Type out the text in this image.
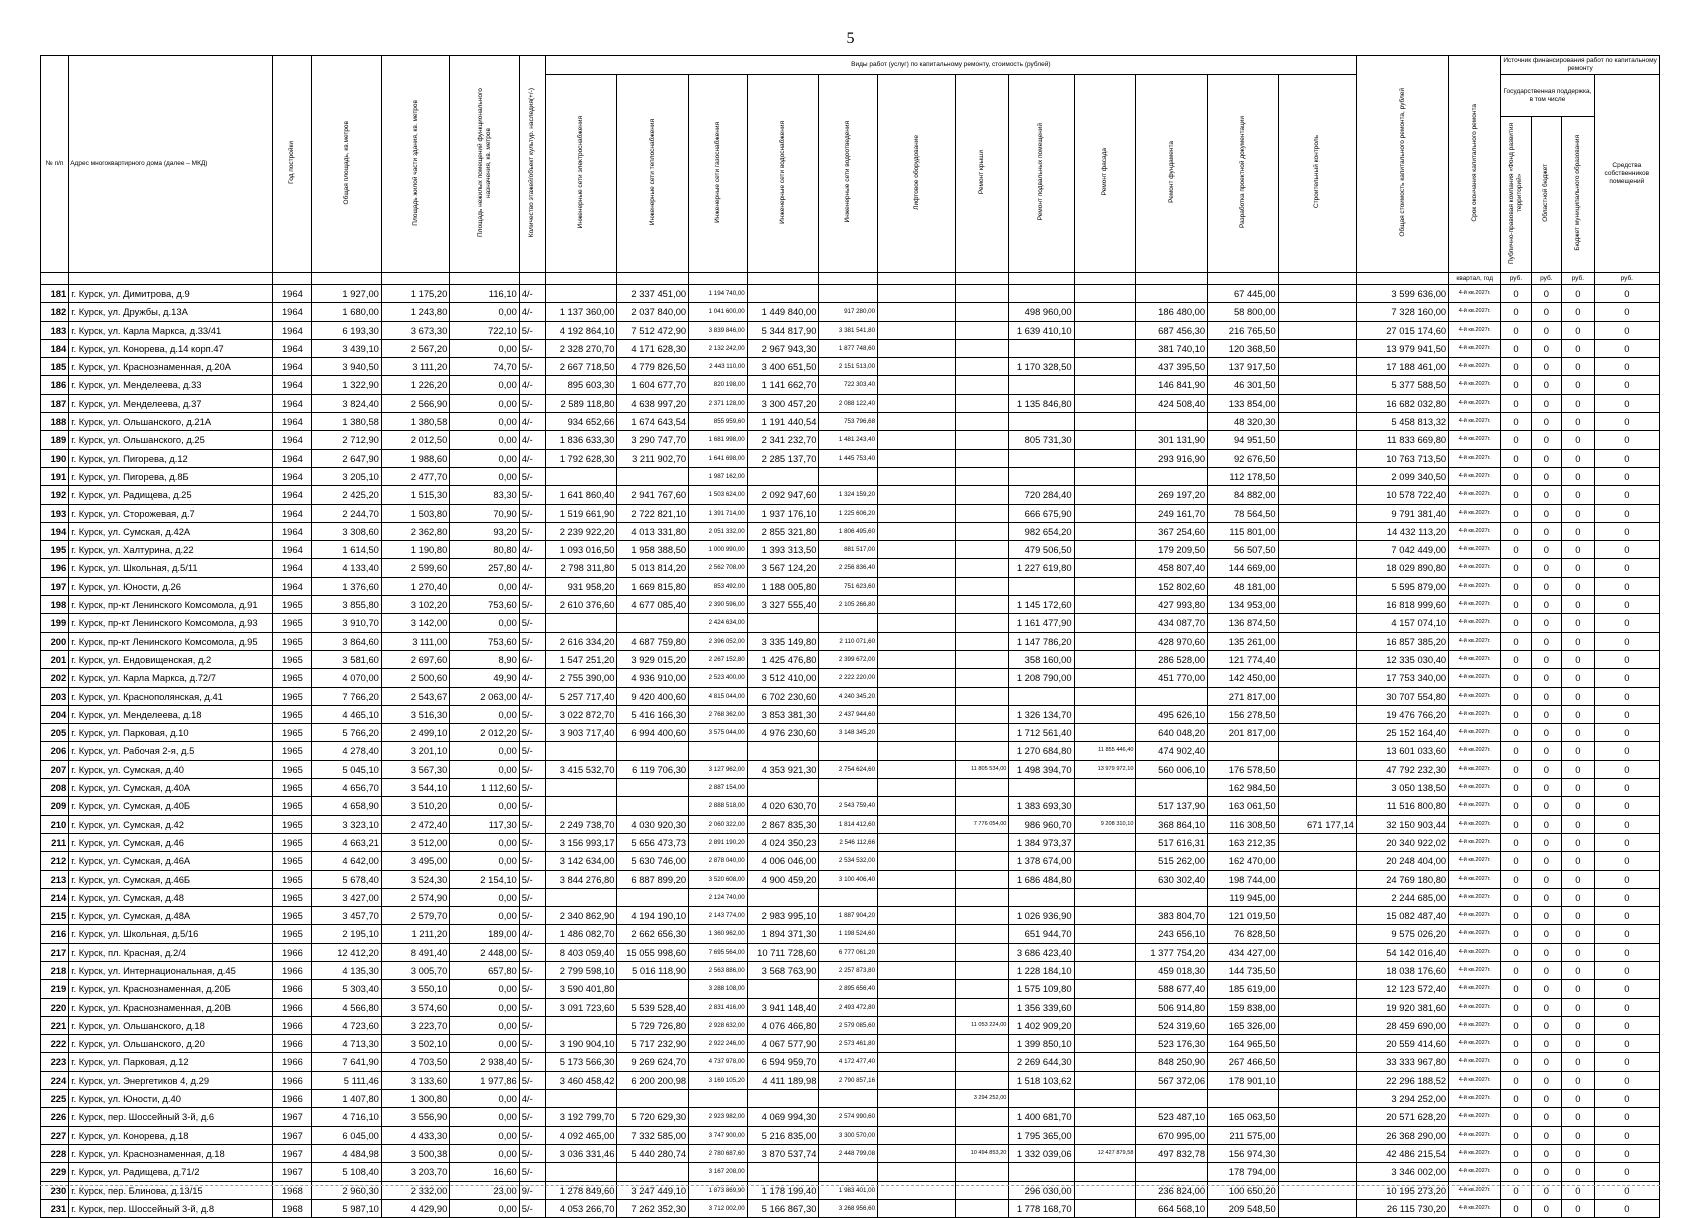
5
№ п/п	Адрес многоквартирного дома (далее – МКД)	Год постройки	Общая площадь, кв.метров	Площадь жилой части здания, кв. метров	Площадь нежилых помещений функционального назначения, кв. метров	Количество этажей/объект культур. наследия(+/-)	Виды работ (услуг) по капитальному ремонту, стоимость (рублей)												Общая стоимость капитального ремонта, рублей	Срок окончания капитального ремонта	Источник финансирования работ по капитальному ремонту			
							Инженерные сети электроснабжения	Инженерные сети теплоснабжения	Инженерные сети газоснабжения	Инженерные сети водоснабжения	Инженерные сети водоотведения	Лифтовое оборудование	Ремонт крыши	Ремонт подвальных помещений	Ремонт фасада	Ремонт фундамента	Разработка проектной документации	Строительный контроль			Государственная поддержка, в том числе			Средства собственников помещений
																					Публично-правовая компания «Фонд развития территорий»	Областной бюджет	Бюджет муниципального образования	
																				квартал, год	руб.	руб.	руб.	руб.
181	г. Курск, ул. Димитрова, д.9	1964	1 927,00	1 175,20	116,10	4/-		2 337 451,00	1 194 740,00								67 445,00		3 599 636,00	4-й кв.2027г.	0	0	0	0
182	г. Курск, ул. Дружбы, д.13А	1964	1 680,00	1 243,80	0,00	4/-	1 137 360,00	2 037 840,00	1 041 600,00	1 449 840,00	917 280,00			498 960,00		186 480,00	58 800,00		7 328 160,00	4-й кв.2027г.	0	0	0	0
183	г. Курск, ул. Карла Маркса, д.33/41	1964	6 193,30	3 673,30	722,10	5/-	4 192 864,10	7 512 472,90	3 839 846,00	5 344 817,90	3 381 541,80			1 639 410,10		687 456,30	216 765,50		27 015 174,60	4-й кв.2027г.	0	0	0	0
184	г. Курск, ул. Конорева, д.14 корп.47	1964	3 439,10	2 567,20	0,00	5/-	2 328 270,70	4 171 628,30	2 132 242,00	2 967 943,30	1 877 748,60					381 740,10	120 368,50		13 979 941,50	4-й кв.2027г.	0	0	0	0
185	г. Курск, ул. Краснознаменная, д.20А	1964	3 940,50	3 111,20	74,70	5/-	2 667 718,50	4 779 826,50	2 443 110,00	3 400 651,50	2 151 513,00			1 170 328,50		437 395,50	137 917,50		17 188 461,00	4-й кв.2027г.	0	0	0	0
186	г. Курск, ул. Менделеева, д.33	1964	1 322,90	1 226,20	0,00	4/-	895 603,30	1 604 677,70	820 198,00	1 141 662,70	722 303,40					146 841,90	46 301,50		5 377 588,50	4-й кв.2027г.	0	0	0	0
187	г. Курск, ул. Менделеева, д.37	1964	3 824,40	2 566,90	0,00	5/-	2 589 118,80	4 638 997,20	2 371 128,00	3 300 457,20	2 088 122,40			1 135 846,80		424 508,40	133 854,00		16 682 032,80	4-й кв.2027г.	0	0	0	0
188	г. Курск, ул. Ольшанского, д.21А	1964	1 380,58	1 380,58	0,00	4/-	934 652,66	1 674 643,54	855 959,60	1 191 440,54	753 796,68						48 320,30		5 458 813,32	4-й кв.2027г.	0	0	0	0
189	г. Курск, ул. Ольшанского, д.25	1964	2 712,90	2 012,50	0,00	4/-	1 836 633,30	3 290 747,70	1 681 998,00	2 341 232,70	1 481 243,40			805 731,30		301 131,90	94 951,50		11 833 669,80	4-й кв.2027г.	0	0	0	0
190	г. Курск, ул. Пигорева, д.12	1964	2 647,90	1 988,60	0,00	4/-	1 792 628,30	3 211 902,70	1 641 698,00	2 285 137,70	1 445 753,40					293 916,90	92 676,50		10 763 713,50	4-й кв.2027г.	0	0	0	0
191	г. Курск, ул. Пигорева, д.8Б	1964	3 205,10	2 477,70	0,00	5/-			1 987 162,00								112 178,50		2 099 340,50	4-й кв.2027г.	0	0	0	0
192	г. Курск, ул. Радищева, д.25	1964	2 425,20	1 515,30	83,30	5/-	1 641 860,40	2 941 767,60	1 503 624,00	2 092 947,60	1 324 159,20			720 284,40		269 197,20	84 882,00		10 578 722,40	4-й кв.2027г.	0	0	0	0
193	г. Курск, ул. Сторожевая, д.7	1964	2 244,70	1 503,80	70,90	5/-	1 519 661,90	2 722 821,10	1 391 714,00	1 937 176,10	1 225 606,20			666 675,90		249 161,70	78 564,50		9 791 381,40	4-й кв.2027г.	0	0	0	0
194	г. Курск, ул. Сумская, д.42А	1964	3 308,60	2 362,80	93,20	5/-	2 239 922,20	4 013 331,80	2 051 332,00	2 855 321,80	1 806 495,60			982 654,20		367 254,60	115 801,00		14 432 113,20	4-й кв.2027г.	0	0	0	0
195	г. Курск, ул. Халтурина, д.22	1964	1 614,50	1 190,80	80,80	4/-	1 093 016,50	1 958 388,50	1 000 990,00	1 393 313,50	881 517,00			479 506,50		179 209,50	56 507,50		7 042 449,00	4-й кв.2027г.	0	0	0	0
196	г. Курск, ул. Школьная, д.5/11	1964	4 133,40	2 599,60	257,80	4/-	2 798 311,80	5 013 814,20	2 562 708,00	3 567 124,20	2 256 836,40			1 227 619,80		458 807,40	144 669,00		18 029 890,80	4-й кв.2027г.	0	0	0	0
197	г. Курск, ул. Юности, д.26	1964	1 376,60	1 270,40	0,00	4/-	931 958,20	1 669 815,80	853 492,00	1 188 005,80	751 623,60					152 802,60	48 181,00		5 595 879,00	4-й кв.2027г.	0	0	0	0
198	г. Курск, пр-кт Ленинского Комсомола, д.91	1965	3 855,80	3 102,20	753,60	5/-	2 610 376,60	4 677 085,40	2 390 596,00	3 327 555,40	2 105 266,80			1 145 172,60		427 993,80	134 953,00		16 818 999,60	4-й кв.2027г.	0	0	0	0
199	г. Курск, пр-кт Ленинского Комсомола, д.93	1965	3 910,70	3 142,00	0,00	5/-			2 424 634,00					1 161 477,90		434 087,70	136 874,50		4 157 074,10	4-й кв.2027г.	0	0	0	0
200	г. Курск, пр-кт Ленинского Комсомола, д.95	1965	3 864,60	3 111,00	753,60	5/-	2 616 334,20	4 687 759,80	2 396 052,00	3 335 149,80	2 110 071,60			1 147 786,20		428 970,60	135 261,00		16 857 385,20	4-й кв.2027г.	0	0	0	0
201	г. Курск, ул. Ендовищенская, д.2	1965	3 581,60	2 697,60	8,90	6/-	1 547 251,20	3 929 015,20	2 267 152,80	1 425 476,80	2 399 672,00			358 160,00		286 528,00	121 774,40		12 335 030,40	4-й кв.2027г.	0	0	0	0
202	г. Курск, ул. Карла Маркса, д.72/7	1965	4 070,00	2 500,60	49,90	4/-	2 755 390,00	4 936 910,00	2 523 400,00	3 512 410,00	2 222 220,00			1 208 790,00		451 770,00	142 450,00		17 753 340,00	4-й кв.2027г.	0	0	0	0
203	г. Курск, ул. Краснополянская, д.41	1965	7 766,20	2 543,67	2 063,00	4/-	5 257 717,40	9 420 400,60	4 815 044,00	6 702 230,60	4 240 345,20						271 817,00		30 707 554,80	4-й кв.2027г.	0	0	0	0
204	г. Курск, ул. Менделеева, д.18	1965	4 465,10	3 516,30	0,00	5/-	3 022 872,70	5 416 166,30	2 768 362,00	3 853 381,30	2 437 944,60			1 326 134,70		495 626,10	156 278,50		19 476 766,20	4-й кв.2027г.	0	0	0	0
205	г. Курск, ул. Парковая, д.10	1965	5 766,20	2 499,10	2 012,20	5/-	3 903 717,40	6 994 400,60	3 575 044,00	4 976 230,60	3 148 345,20			1 712 561,40		640 048,20	201 817,00		25 152 164,40	4-й кв.2027г.	0	0	0	0
206	г. Курск, ул. Рабочая 2-я, д.5	1965	4 278,40	3 201,10	0,00	5/-								1 270 684,80	11 855 446,40	474 902,40			13 601 033,60	4-й кв.2027г.	0	0	0	0
207	г. Курск, ул. Сумская, д.40	1965	5 045,10	3 567,30	0,00	5/-	3 415 532,70	6 119 706,30	3 127 962,00	4 353 921,30	2 754 624,60		11 805 534,00	1 498 394,70	13 979 972,10	560 006,10	176 578,50		47 792 232,30	4-й кв.2027г.	0	0	0	0
208	г. Курск, ул. Сумская, д.40А	1965	4 656,70	3 544,10	1 112,60	5/-			2 887 154,00								162 984,50		3 050 138,50	4-й кв.2027г.	0	0	0	0
209	г. Курск, ул. Сумская, д.40Б	1965	4 658,90	3 510,20	0,00	5/-			2 888 518,00	4 020 630,70	2 543 759,40			1 383 693,30		517 137,90	163 061,50		11 516 800,80	4-й кв.2027г.	0	0	0	0
210	г. Курск, ул. Сумская, д.42	1965	3 323,10	2 472,40	117,30	5/-	2 249 738,70	4 030 920,30	2 060 322,00	2 867 835,30	1 814 412,60		7 776 054,00	986 960,70	9 208 310,10	368 864,10	116 308,50	671 177,14	32 150 903,44	4-й кв.2027г.	0	0	0	0
211	г. Курск, ул. Сумская, д.46	1965	4 663,21	3 512,00	0,00	5/-	3 156 993,17	5 656 473,73	2 891 190,20	4 024 350,23	2 546 112,66			1 384 973,37		517 616,31	163 212,35		20 340 922,02	4-й кв.2027г.	0	0	0	0
212	г. Курск, ул. Сумская, д.46А	1965	4 642,00	3 495,00	0,00	5/-	3 142 634,00	5 630 746,00	2 878 040,00	4 006 046,00	2 534 532,00			1 378 674,00		515 262,00	162 470,00		20 248 404,00	4-й кв.2027г.	0	0	0	0
213	г. Курск, ул. Сумская, д.46Б	1965	5 678,40	3 524,30	2 154,10	5/-	3 844 276,80	6 887 899,20	3 520 608,00	4 900 459,20	3 100 406,40			1 686 484,80		630 302,40	198 744,00		24 769 180,80	4-й кв.2027г.	0	0	0	0
214	г. Курск, ул. Сумская, д.48	1965	3 427,00	2 574,90	0,00	5/-			2 124 740,00								119 945,00		2 244 685,00	4-й кв.2027г.	0	0	0	0
215	г. Курск, ул. Сумская, д.48А	1965	3 457,70	2 579,70	0,00	5/-	2 340 862,90	4 194 190,10	2 143 774,00	2 983 995,10	1 887 904,20			1 026 936,90		383 804,70	121 019,50		15 082 487,40	4-й кв.2027г.	0	0	0	0
216	г. Курск, ул. Школьная, д.5/16	1965	2 195,10	1 211,20	189,00	4/-	1 486 082,70	2 662 656,30	1 360 962,00	1 894 371,30	1 198 524,60			651 944,70		243 656,10	76 828,50		9 575 026,20	4-й кв.2027г.	0	0	0	0
217	г. Курск, пл. Красная, д.2/4	1966	12 412,20	8 491,40	2 448,00	5/-	8 403 059,40	15 055 998,60	7 695 564,00	10 711 728,60	6 777 061,20			3 686 423,40		1 377 754,20	434 427,00		54 142 016,40	4-й кв.2027г.	0	0	0	0
218	г. Курск, ул. Интернациональная, д.45	1966	4 135,30	3 005,70	657,80	5/-	2 799 598,10	5 016 118,90	2 563 886,00	3 568 763,90	2 257 873,80			1 228 184,10		459 018,30	144 735,50		18 038 176,60	4-й кв.2027г.	0	0	0	0
219	г. Курск, ул. Краснознаменная, д.20Б	1966	5 303,40	3 550,10	0,00	5/-	3 590 401,80		3 288 108,00		2 895 656,40			1 575 109,80		588 677,40	185 619,00		12 123 572,40	4-й кв.2027г.	0	0	0	0
220	г. Курск, ул. Краснознаменная, д.20В	1966	4 566,80	3 574,60	0,00	5/-	3 091 723,60	5 539 528,40	2 831 416,00	3 941 148,40	2 493 472,80			1 356 339,60		506 914,80	159 838,00		19 920 381,60	4-й кв.2027г.	0	0	0	0
221	г. Курск, ул. Ольшанского, д.18	1966	4 723,60	3 223,70	0,00	5/-		5 729 726,80	2 928 632,00	4 076 466,80	2 579 085,60		11 053 224,00	1 402 909,20		524 319,60	165 326,00		28 459 690,00	4-й кв.2027г.	0	0	0	0
222	г. Курск, ул. Ольшанского, д.20	1966	4 713,30	3 502,10	0,00	5/-	3 190 904,10	5 717 232,90	2 922 246,00	4 067 577,90	2 573 461,80			1 399 850,10		523 176,30	164 965,50		20 559 414,60	4-й кв.2027г.	0	0	0	0
223	г. Курск, ул. Парковая, д.12	1966	7 641,90	4 703,50	2 938,40	5/-	5 173 566,30	9 269 624,70	4 737 978,00	6 594 959,70	4 172 477,40			2 269 644,30		848 250,90	267 466,50		33 333 967,80	4-й кв.2027г.	0	0	0	0
224	г. Курск, ул. Энергетиков 4, д.29	1966	5 111,46	3 133,60	1 977,86	5/-	3 460 458,42	6 200 200,98	3 169 105,20	4 411 189,98	2 790 857,16			1 518 103,62		567 372,06	178 901,10		22 296 188,52	4-й кв.2027г.	0	0	0	0
225	г. Курск, ул. Юности, д.40	1966	1 407,80	1 300,80	0,00	4/-							3 294 252,00						3 294 252,00	4-й кв.2027г.	0	0	0	0
226	г. Курск, пер. Шоссейный 3-й, д.6	1967	4 716,10	3 556,90	0,00	5/-	3 192 799,70	5 720 629,30	2 923 982,00	4 069 994,30	2 574 990,60			1 400 681,70		523 487,10	165 063,50		20 571 628,20	4-й кв.2027г.	0	0	0	0
227	г. Курск, ул. Конорева, д.18	1967	6 045,00	4 433,30	0,00	5/-	4 092 465,00	7 332 585,00	3 747 900,00	5 216 835,00	3 300 570,00			1 795 365,00		670 995,00	211 575,00		26 368 290,00	4-й кв.2027г.	0	0	0	0
228	г. Курск, ул. Краснознаменная, д.18	1967	4 484,98	3 500,38	0,00	5/-	3 036 331,46	5 440 280,74	2 780 687,60	3 870 537,74	2 448 799,08		10 494 853,20	1 332 039,06	12 427 879,58	497 832,78	156 974,30		42 486 215,54	4-й кв.2027г.	0	0	0	0
229	г. Курск, ул. Радищева, д.71/2	1967	5 108,40	3 203,70	16,60	5/-			3 167 208,00								178 794,00		3 346 002,00	4-й кв.2027г.	0	0	0	0
230	г. Курск, пер. Блинова, д.13/15	1968	2 960,30	2 332,00	23,00	9/-	1 278 849,60	3 247 449,10	1 873 869,90	1 178 199,40	1 983 401,00			296 030,00		236 824,00	100 650,20		10 195 273,20	4-й кв.2027г.	0	0	0	0
231	г. Курск, пер. Шоссейный 3-й, д.8	1968	5 987,10	4 429,90	0,00	5/-	4 053 266,70	7 262 352,30	3 712 002,00	5 166 867,30	3 268 956,60			1 778 168,70		664 568,10	209 548,50		26 115 730,20	4-й кв.2027г.	0	0	0	0
